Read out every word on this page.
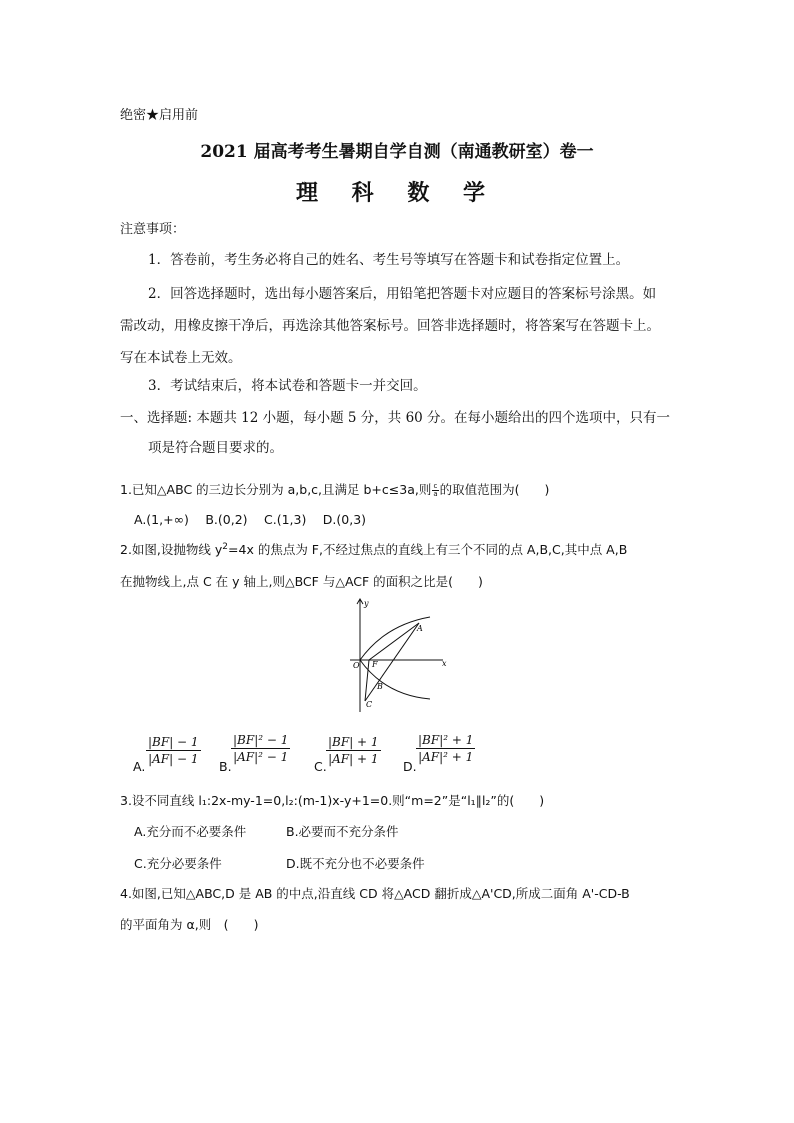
绝密★启用前
2021 届高考考生暑期自学自测（南通教研室）卷一
理 科 数 学
注意事项：
1．答卷前，考生务必将自己的姓名、考生号等填写在答题卡和试卷指定位置上。
2．回答选择题时，选出每小题答案后，用铅笔把答题卡对应题目的答案标号涂黑。如
需改动，用橡皮擦干净后，再选涂其他答案标号。回答非选择题时，将答案写在答题卡上。
写在本试卷上无效。
3．考试结束后，将本试卷和答题卡一并交回。
一、选择题: 本题共 12 小题，每小题 5 分，共 60 分。在每小题给出的四个选项中，只有一
项是符合题目要求的。
1.已知△ABC 的三边长分别为 a,b,c,且满足 b+c≤3a,则 $\frac{c}{a}$ 的取值范围为(　　)
A.(1,+∞)　 B.(0,2)　 C.(1,3)　 D.(0,3)
2.如图,设抛物线 $y^2=4x$ 的焦点为 F,不经过焦点的直线上有三个不同的点 A,B,C,其中点 A,B
在抛物线上,点 C 在 y 轴上,则△BCF 与△ACF 的面积之比是(　　)
y
x
O F
A
B
C
A.
$\frac{|BF| - 1}{|AF| - 1}$
B.
$\frac{\text{|BF|² − 1}}{\text{|AF|² − 1}}$
C.
$\frac{|BF| + 1}{|AF| + 1}$
D.
$\frac{\text{|BF|² + 1}}{\text{|AF|² + 1}}$
3.设不同直线 l₁:2x-my-1=0,l₂:(m-1)x-y+1=0.则“m=2”是“l₁∥l₂”的(　　)
A.充分而不必要条件	B.必要而不充分条件
C.充分必要条件	D.既不充分也不必要条件
4.如图,已知△ABC,D 是 AB 的中点,沿直线 CD 将△ACD 翻折成△A'CD,所成二面角 A'-CD-B
的平面角为 α,则　(　　)
